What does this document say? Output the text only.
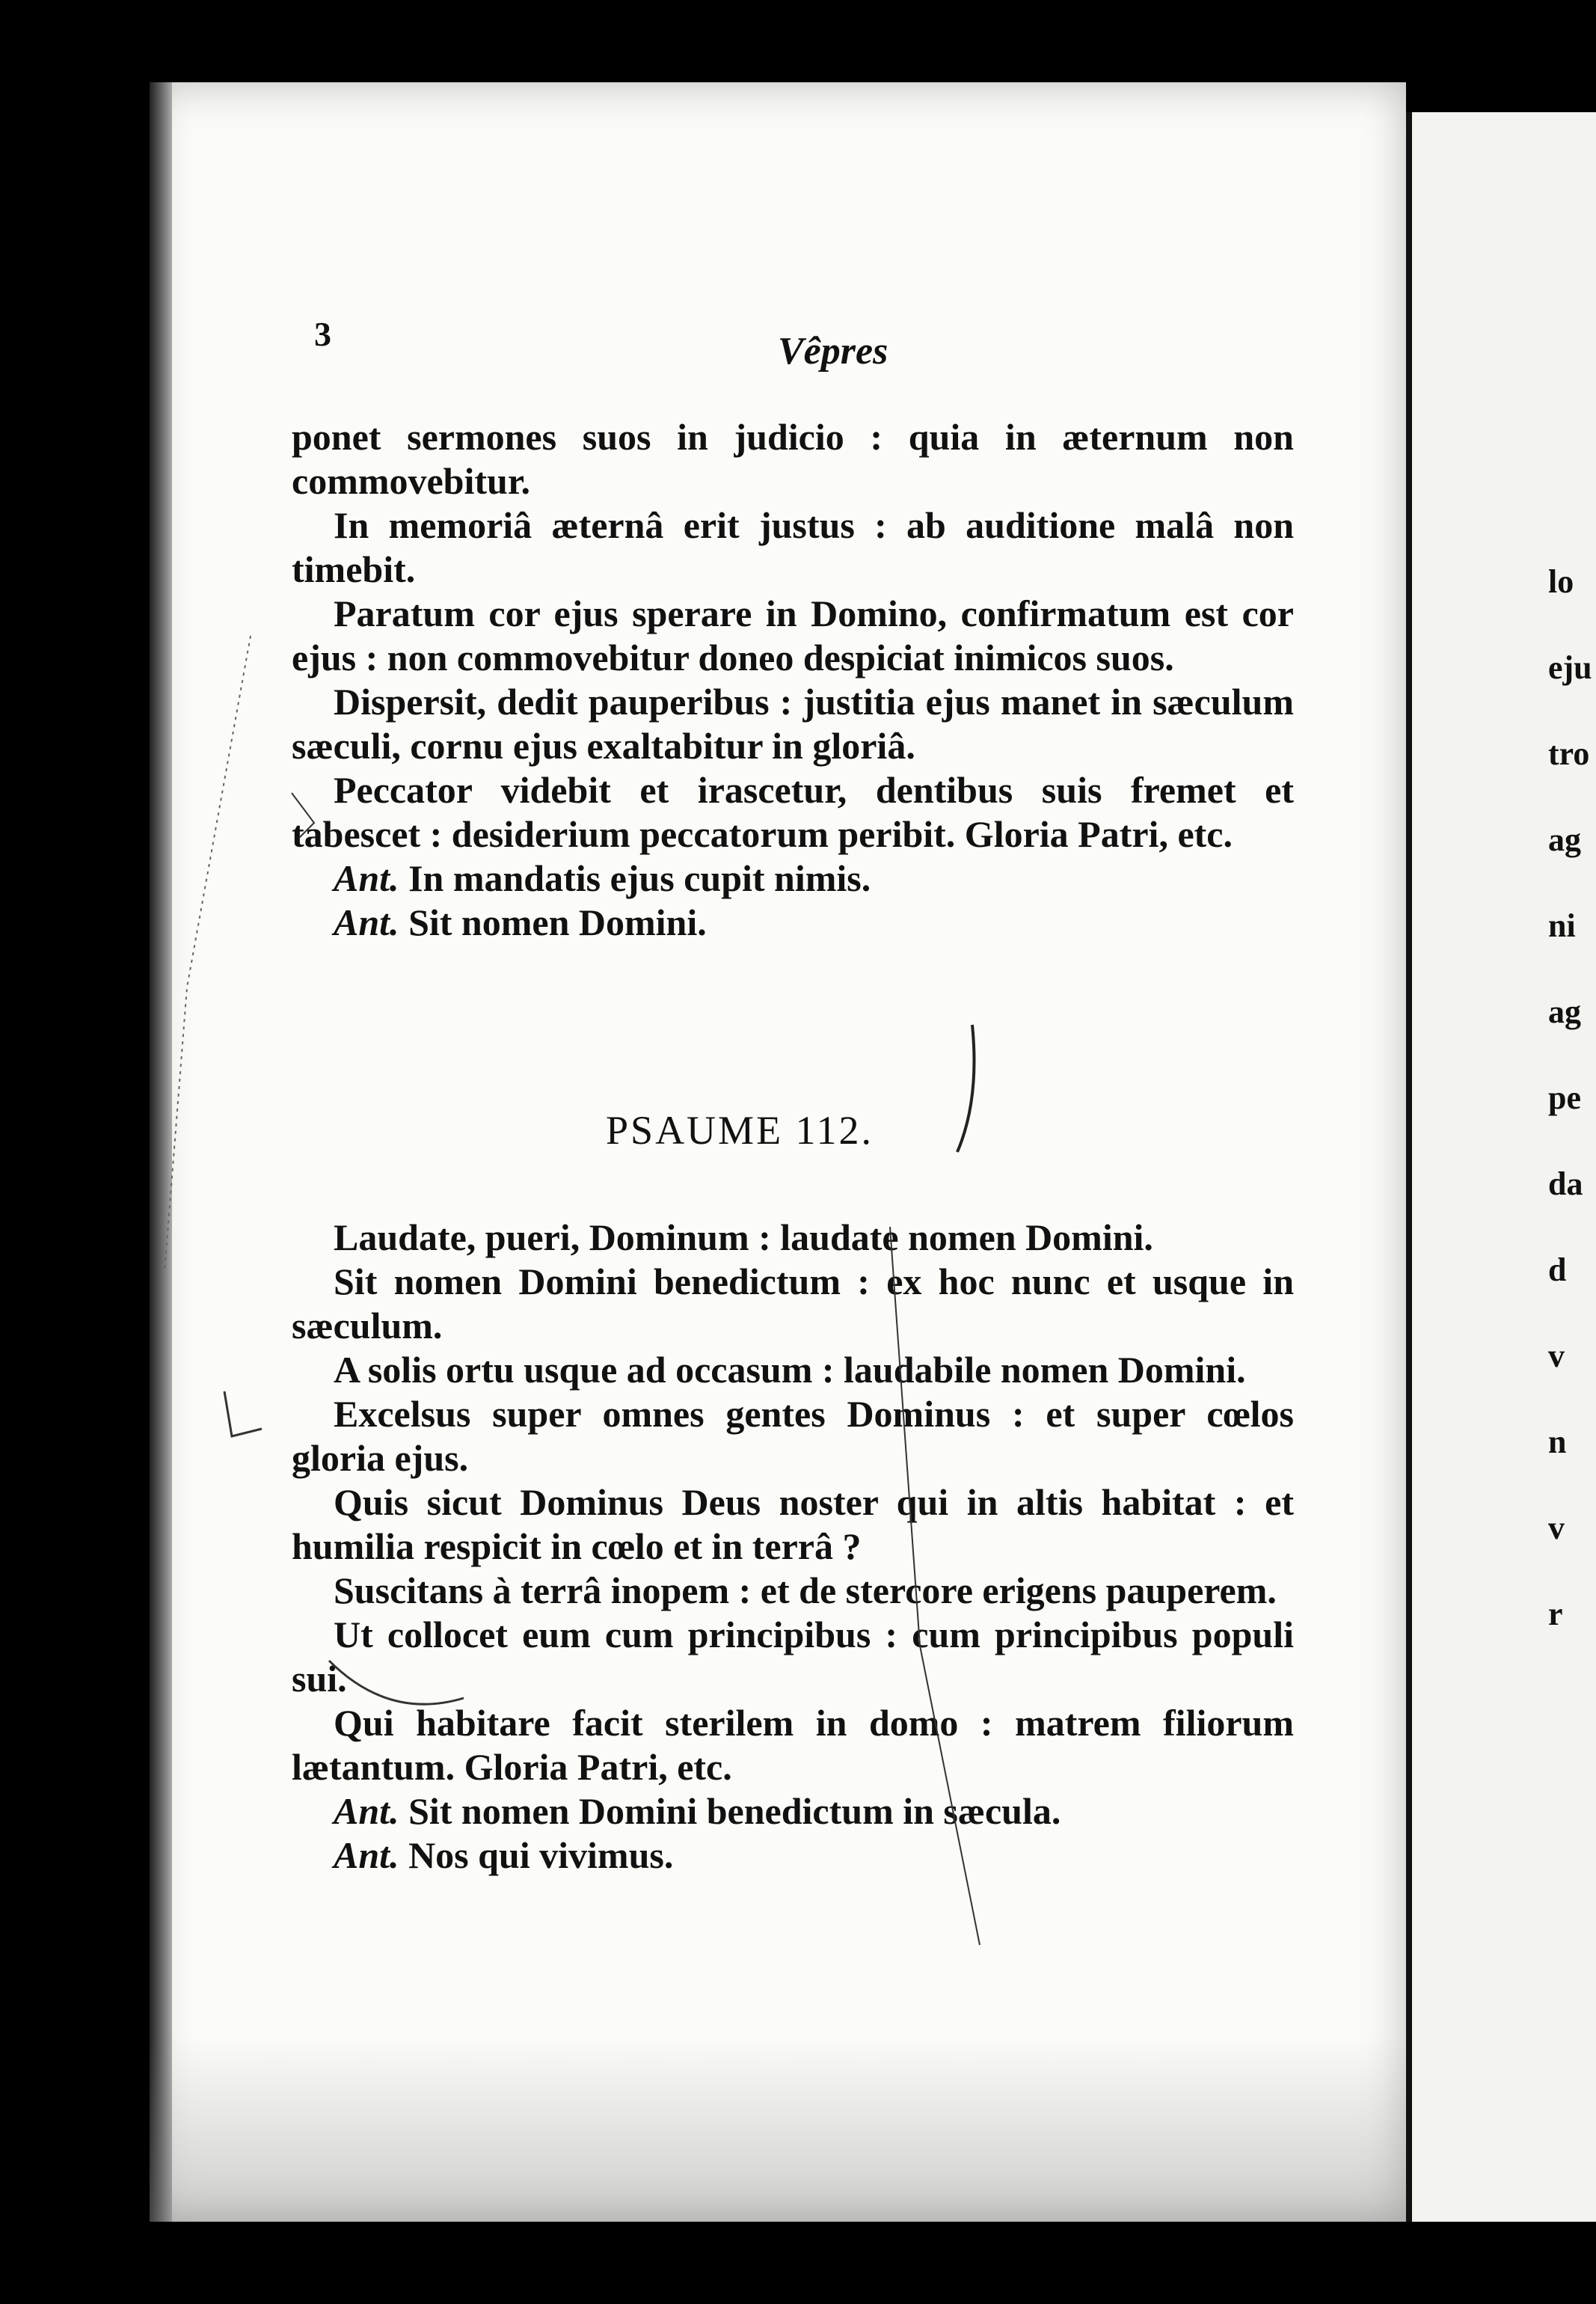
lo
eju
tro
ag
ni
ag
pe
da
d
v
n
v
r
3	Vêpres

ponet sermones suos in judicio : quia in æternum non commovebitur.

In memoriâ æternâ erit justus : ab auditione malâ non timebit.

Paratum cor ejus sperare in Domino, confirmatum est cor ejus : non commovebitur doneo despiciat inimicos suos.

Dispersit, dedit pauperibus : justitia ejus manet in sæculum sæculi, cornu ejus exaltabitur in gloriâ.

Peccator videbit et irascetur, dentibus suis fremet et tabescet : desiderium peccatorum peribit. Gloria Patri, etc.

Ant. In mandatis ejus cupit nimis.

Ant. Sit nomen Domini.

PSAUME 112.

Laudate, pueri, Dominum : laudate nomen Domini.

Sit nomen Domini benedictum : ex hoc nunc et usque in sæculum.

A solis ortu usque ad occasum : laudabile nomen Domini.

Excelsus super omnes gentes Dominus : et super cœlos gloria ejus.

Quis sicut Dominus Deus noster qui in altis habitat : et humilia respicit in cœlo et in terrâ ?

Suscitans à terrâ inopem : et de stercore erigens pauperem.

Ut collocet eum cum principibus : cum principibus populi sui.

Qui habitare facit sterilem in domo : matrem filiorum lætantum. Gloria Patri, etc.

Ant. Sit nomen Domini benedictum in sæcula.

Ant. Nos qui vivimus.
